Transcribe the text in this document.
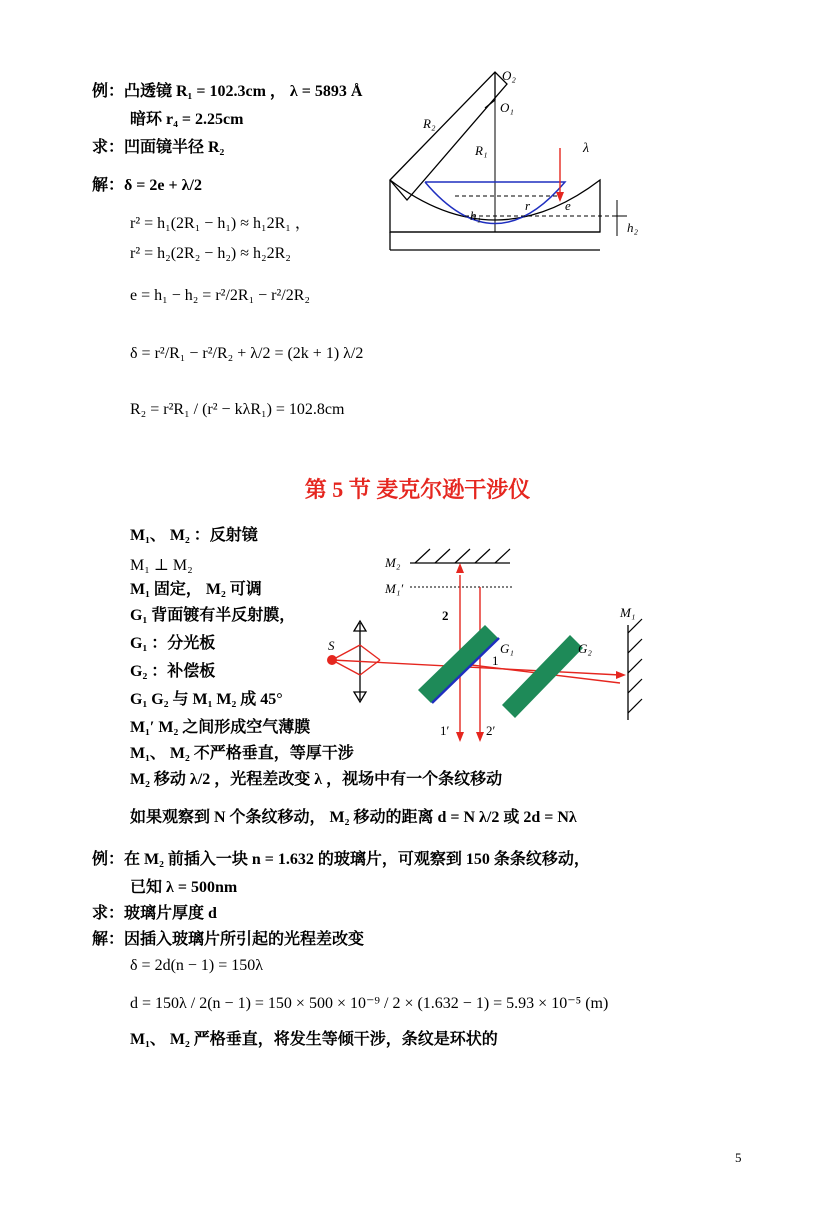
例：凸透镜 R₁ = 102.3cm ， λ = 5893 Å
暗环 r₄ = 2.25cm
求：凹面镜半径 R₂
解：δ = 2e + λ/2
r² = h₁(2R₁ − h₁) ≈ h₁2R₁ ，
r² = h₂(2R₂ − h₂) ≈ h₂2R₂
e = h₁ − h₂ = r²/2R₁ − r²/2R₂
δ = r²/R₁ − r²/R₂ + λ/2 = (2k + 1) λ/2
R₂ = r²R₁ / (r² − kλR₁) = 102.8cm
O₂
O₁
R₂
R₁	λ
r	e
h₁
h₂
第 5 节 麦克尔逊干涉仪
M₁、 M₂ ：反射镜
M₁ ⊥ M₂
M₁ 固定， M₂ 可调
G₁ 背面镀有半反射膜，
G₁ ：分光板
G₂ ：补偿板
G₁ G₂ 与 M₁ M₂ 成 45°
M₁′ M₂ 之间形成空气薄膜
M₁、 M₂ 不严格垂直，等厚干涉
M₂ 移动 λ/2 ，光程差改变 λ ，视场中有一个条纹移动
如果观察到 N 个条纹移动， M₂ 移动的距离 d = N λ/2 或 2d = Nλ
M₂
M₁′
M₁
S	G₁	G₂
2
1
1′	2′
例：在 M₂ 前插入一块 n = 1.632 的玻璃片，可观察到 150 条条纹移动，
已知 λ = 500nm
求：玻璃片厚度 d
解：因插入玻璃片所引起的光程差改变
δ = 2d(n − 1) = 150λ
d = 150λ / 2(n − 1) = 150 × 500 × 10⁻⁹ / 2 × (1.632 − 1) = 5.93 × 10⁻⁵ (m)
M₁、 M₂ 严格垂直，将发生等倾干涉，条纹是环状的
5
